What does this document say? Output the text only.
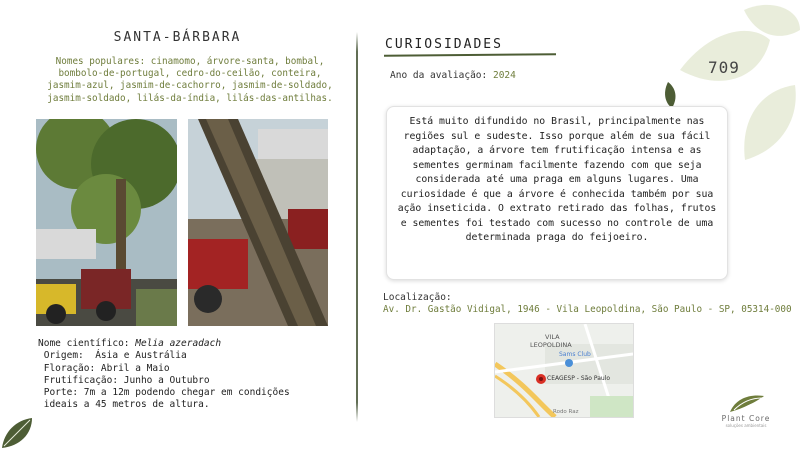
SANTA-BÁRBARA
Nomes populares: cinamomo, árvore-santa, bombal, bombolo-de-portugal, cedro-do-ceilão, conteira, jasmim-azul, jasmim-de-cachorro, jasmim-de-soldado, jasmim-soldado, lilás-da-índia, lilás-das-antilhas.
Nome científico: Melia azeradach
Origem:  Ásia e Austrália
Floração: Abril a Maio
Frutificação: Junho a Outubro
Porte: 7m a 12m podendo chegar em condições
ideais a 45 metros de altura.
CURIOSIDADES
Ano da avaliação: 2024	709

Está muito difundido no Brasil, principalmente nas regiões sul e sudeste. Isso porque além de sua fácil adaptação, a árvore tem frutificação intensa e as sementes germinam facilmente fazendo com que seja considerada até uma praga em alguns lugares. Uma curiosidade é que a árvore é conhecida também por sua ação inseticida. O extrato retirado das folhas, frutos e sementes foi testado com sucesso no controle de uma determinada praga do feijoeiro.

Localização:
Av. Dr. Gastão Vidigal, 1946 - Vila Leopoldina, São Paulo - SP, 05314-000
VILA
LEOPOLDINA
Sams Club
CEAGESP - São Paulo
Rodo Raz
Plant Core
soluções ambientais
